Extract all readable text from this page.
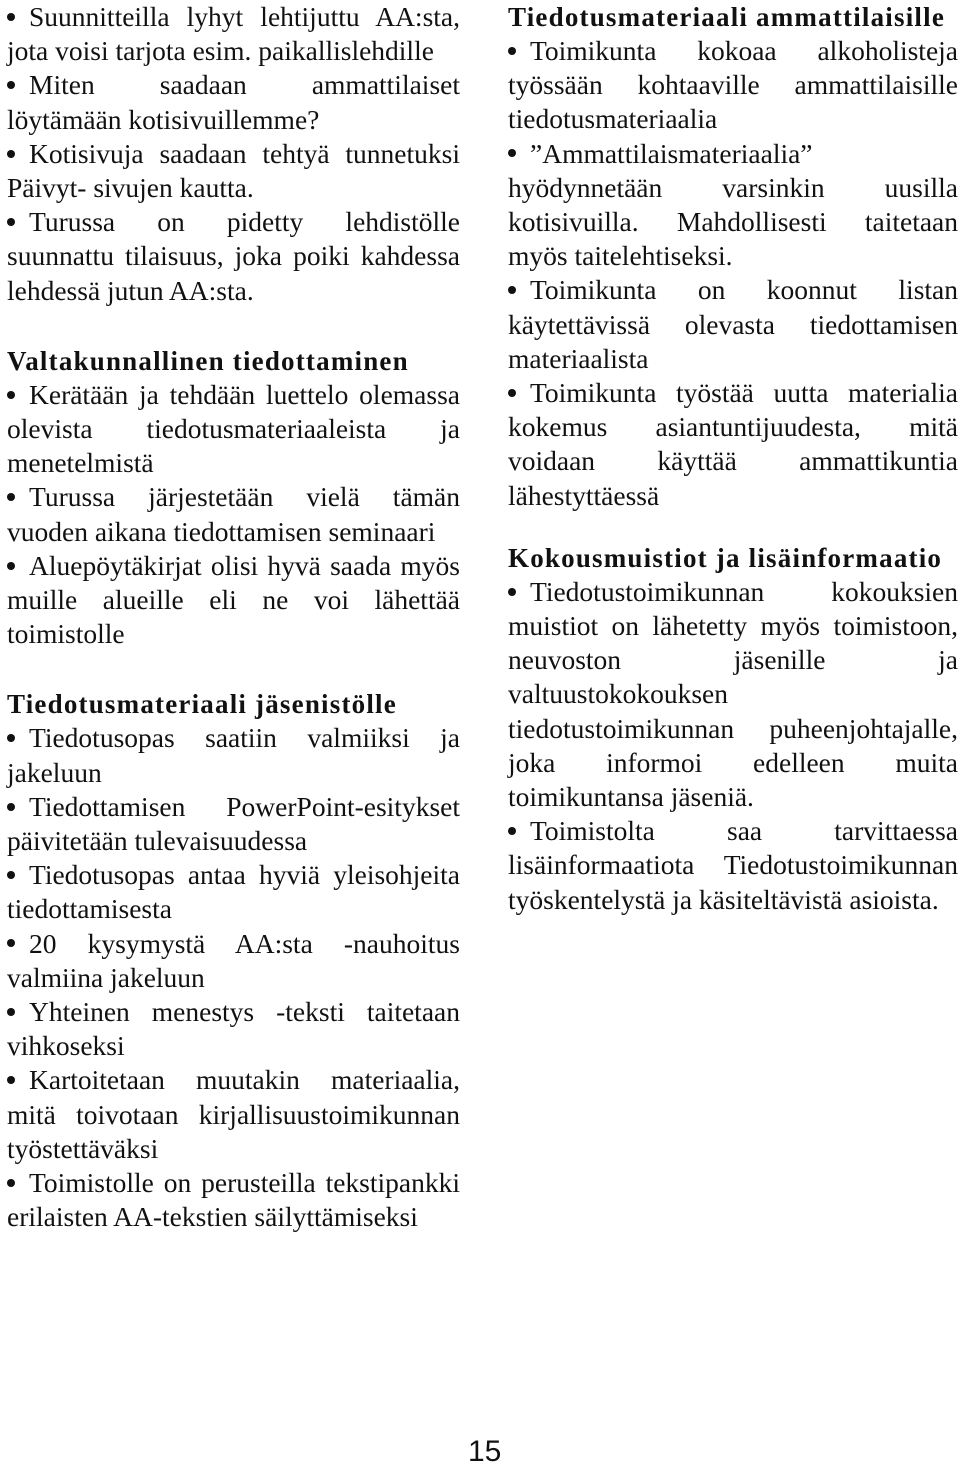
Suunnitteilla lyhyt lehtijuttu AA:sta, jota voisi tarjota esim. paikallislehdille
Miten saadaan ammattilaiset löytämään kotisivuillemme?
Kotisivuja saadaan tehtyä tunnetuksi Päivyt- sivujen kautta.
Turussa on pidetty lehdistölle suunnattu tilaisuus, joka poiki kahdessa lehdessä jutun AA:sta.
Valtakunnallinen tiedottaminen
Kerätään ja tehdään luettelo olemassa olevista tiedotusmateriaaleista ja menetelmistä
Turussa järjestetään vielä tämän vuoden aikana tiedottamisen seminaari
Aluepöytäkirjat olisi hyvä saada myös muille alueille eli ne voi lähettää toimistolle
Tiedotusmateriaali jäsenistölle
Tiedotusopas saatiin valmiiksi ja jakeluun
Tiedottamisen PowerPoint-esitykset päivitetään tulevaisuudessa
Tiedotusopas antaa hyviä yleisohjeita tiedottamisesta
20 kysymystä AA:sta -nauhoitus valmiina jakeluun
Yhteinen menestys -teksti taitetaan vihkoseksi
Kartoitetaan muutakin materiaalia, mitä toivotaan kirjallisuustoimikunnan työstettäväksi
Toimistolle on perusteilla tekstipankki erilaisten AA-tekstien säilyttämiseksi
Tiedotusmateriaali ammattilaisille
Toimikunta kokoaa alkoholisteja työssään kohtaaville ammattilaisille tiedotusmateriaalia
”Ammattilaismateriaalia” hyödynnetään varsinkin uusilla kotisivuilla. Mahdollisesti taitetaan myös taitelehtiseksi.
Toimikunta on koonnut listan käytettävissä olevasta tiedottamisen materiaalista
Toimikunta työstää uutta materialia kokemus asiantuntijuudesta, mitä voidaan käyttää ammattikuntia lähestyttäessä
Kokousmuistiot ja lisäinformaatio
Tiedotustoimikunnan kokouksien muistiot on lähetetty myös toimistoon, neuvoston jäsenille ja valtuustokokouksen tiedotustoimikunnan puheenjohtajalle, joka informoi edelleen muita toimikuntansa jäseniä.
Toimistolta saa tarvittaessa lisäinformaatiota Tiedotustoimikunnan työskentelystä ja käsiteltävistä asioista.
15
